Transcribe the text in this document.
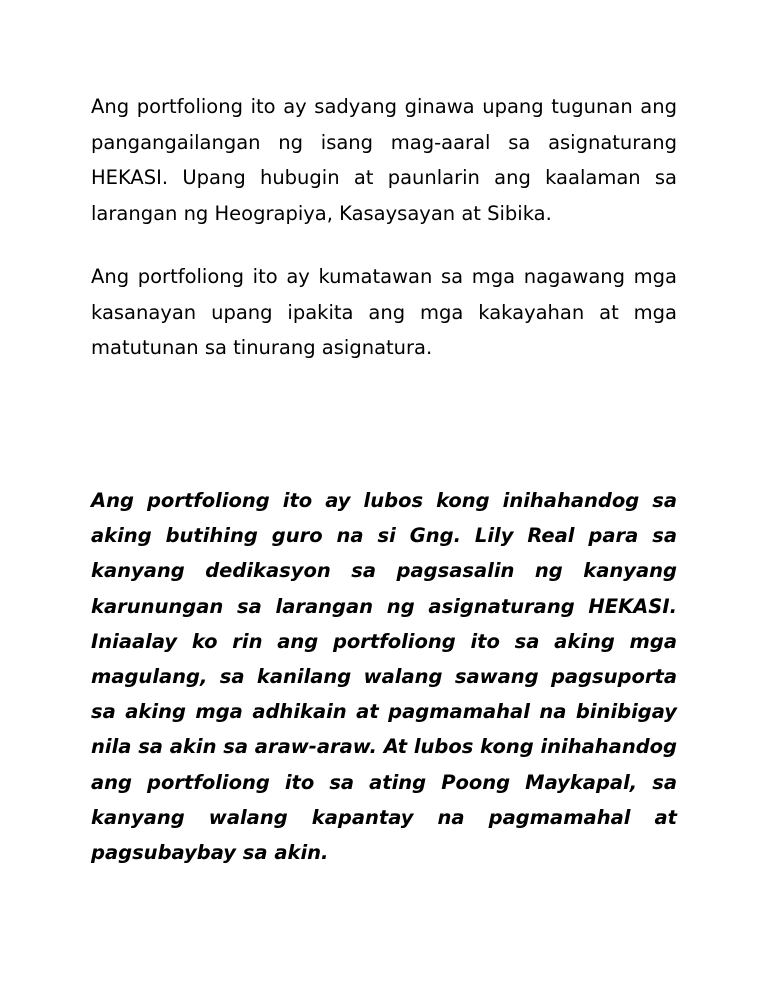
Ang portfoliong ito ay sadyang ginawa upang tugunan ang pangangailangan ng isang mag-aaral sa asignaturang HEKASI. Upang hubugin at paunlarin ang kaalaman sa larangan ng Heograpiya, Kasaysayan at Sibika.

Ang portfoliong ito ay kumatawan sa mga nagawang mga kasanayan upang ipakita ang mga kakayahan at mga matutunan sa tinurang asignatura.

Ang portfoliong ito ay lubos kong inihahandog sa aking butihing guro na si Gng. Lily Real para sa kanyang dedikasyon sa pagsasalin ng kanyang karunungan sa larangan ng asignaturang HEKASI. Iniaalay ko rin ang portfoliong ito sa aking mga magulang, sa kanilang walang sawang pagsuporta sa aking mga adhikain at pagmamahal na binibigay nila sa akin sa araw-araw. At lubos kong inihahandog ang portfoliong ito sa ating Poong Maykapal, sa kanyang walang kapantay na pagmamahal at pagsubaybay sa akin.
